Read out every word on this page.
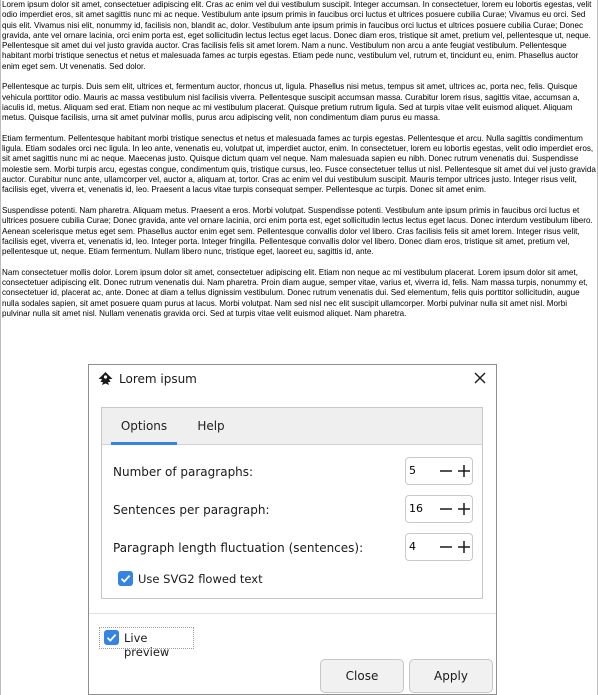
Lorem ipsum dolor sit amet, consectetuer adipiscing elit. Cras ac enim vel dui vestibulum suscipit. Integer accumsan. In consectetuer, lorem eu lobortis egestas, velit odio imperdiet eros, sit amet sagittis nunc mi ac neque. Vestibulum ante ipsum primis in faucibus orci luctus et ultrices posuere cubilia Curae; Vivamus eu orci. Sed quis elit. Vivamus nisi elit, nonummy id, facilisis non, blandit ac, dolor. Vestibulum ante ipsum primis in faucibus orci luctus et ultrices posuere cubilia Curae; Donec gravida, ante vel ornare lacinia, orci enim porta est, eget sollicitudin lectus lectus eget lacus. Donec diam eros, tristique sit amet, pretium vel, pellentesque ut, neque. Pellentesque sit amet dui vel justo gravida auctor. Cras facilisis felis sit amet lorem. Nam a nunc. Vestibulum non arcu a ante feugiat vestibulum. Pellentesque habitant morbi tristique senectus et netus et malesuada fames ac turpis egestas. Etiam pede nunc, vestibulum vel, rutrum et, tincidunt eu, enim. Phasellus auctor enim eget sem. Ut venenatis. Sed dolor.

Pellentesque ac turpis. Duis sem elit, ultrices et, fermentum auctor, rhoncus ut, ligula. Phasellus nisi metus, tempus sit amet, ultrices ac, porta nec, felis. Quisque vehicula porttitor odio. Mauris ac massa vestibulum nisl facilisis viverra. Pellentesque suscipit accumsan massa. Curabitur lorem risus, sagittis vitae, accumsan a, iaculis id, metus. Aliquam sed erat. Etiam non neque ac mi vestibulum placerat. Quisque pretium rutrum ligula. Sed at turpis vitae velit euismod aliquet. Aliquam metus. Quisque facilisis, urna sit amet pulvinar mollis, purus arcu adipiscing velit, non condimentum diam purus eu massa.

Etiam fermentum. Pellentesque habitant morbi tristique senectus et netus et malesuada fames ac turpis egestas. Pellentesque et arcu. Nulla sagittis condimentum ligula. Etiam sodales orci nec ligula. In leo ante, venenatis eu, volutpat ut, imperdiet auctor, enim. In consectetuer, lorem eu lobortis egestas, velit odio imperdiet eros, sit amet sagittis nunc mi ac neque. Maecenas justo. Quisque dictum quam vel neque. Nam malesuada sapien eu nibh. Donec rutrum venenatis dui. Suspendisse molestie sem. Morbi turpis arcu, egestas congue, condimentum quis, tristique cursus, leo. Fusce consectetuer tellus ut nisl. Pellentesque sit amet dui vel justo gravida auctor. Curabitur nunc ante, ullamcorper vel, auctor a, aliquam at, tortor. Cras ac enim vel dui vestibulum suscipit. Mauris tempor ultrices justo. Integer risus velit, facilisis eget, viverra et, venenatis id, leo. Praesent a lacus vitae turpis consequat semper. Pellentesque ac turpis. Donec sit amet enim.

Suspendisse potenti. Nam pharetra. Aliquam metus. Praesent a eros. Morbi volutpat. Suspendisse potenti. Vestibulum ante ipsum primis in faucibus orci luctus et ultrices posuere cubilia Curae; Donec gravida, ante vel ornare lacinia, orci enim porta est, eget sollicitudin lectus lectus eget lacus. Donec interdum vestibulum libero. Aenean scelerisque metus eget sem. Phasellus auctor enim eget sem. Pellentesque convallis dolor vel libero. Cras facilisis felis sit amet lorem. Integer risus velit, facilisis eget, viverra et, venenatis id, leo. Integer porta. Integer fringilla. Pellentesque convallis dolor vel libero. Donec diam eros, tristique sit amet, pretium vel, pellentesque ut, neque. Etiam fermentum. Nullam libero nunc, tristique eget, laoreet eu, sagittis id, ante.

Nam consectetuer mollis dolor. Lorem ipsum dolor sit amet, consectetuer adipiscing elit. Etiam non neque ac mi vestibulum placerat. Lorem ipsum dolor sit amet, consectetuer adipiscing elit. Donec rutrum venenatis dui. Nam pharetra. Proin diam augue, semper vitae, varius et, viverra id, felis. Nam massa turpis, nonummy et, consectetuer id, placerat ac, ante. Donec at diam a tellus dignissim vestibulum. Donec rutrum venenatis dui. Sed elementum, felis quis porttitor sollicitudin, augue nulla sodales sapien, sit amet posuere quam purus at lacus. Morbi volutpat. Nam sed nisl nec elit suscipit ullamcorper. Morbi pulvinar nulla sit amet nisl. Morbi pulvinar nulla sit amet nisl. Nullam venenatis gravida orci. Sed at turpis vitae velit euismod aliquet. Nam pharetra.

Lorem ipsum
Options	Help
Number of paragraphs:	5
Sentences per paragraph:	16
Paragraph length fluctuation (sentences):	4
Use SVG2 flowed text
Live preview
Close	Apply
